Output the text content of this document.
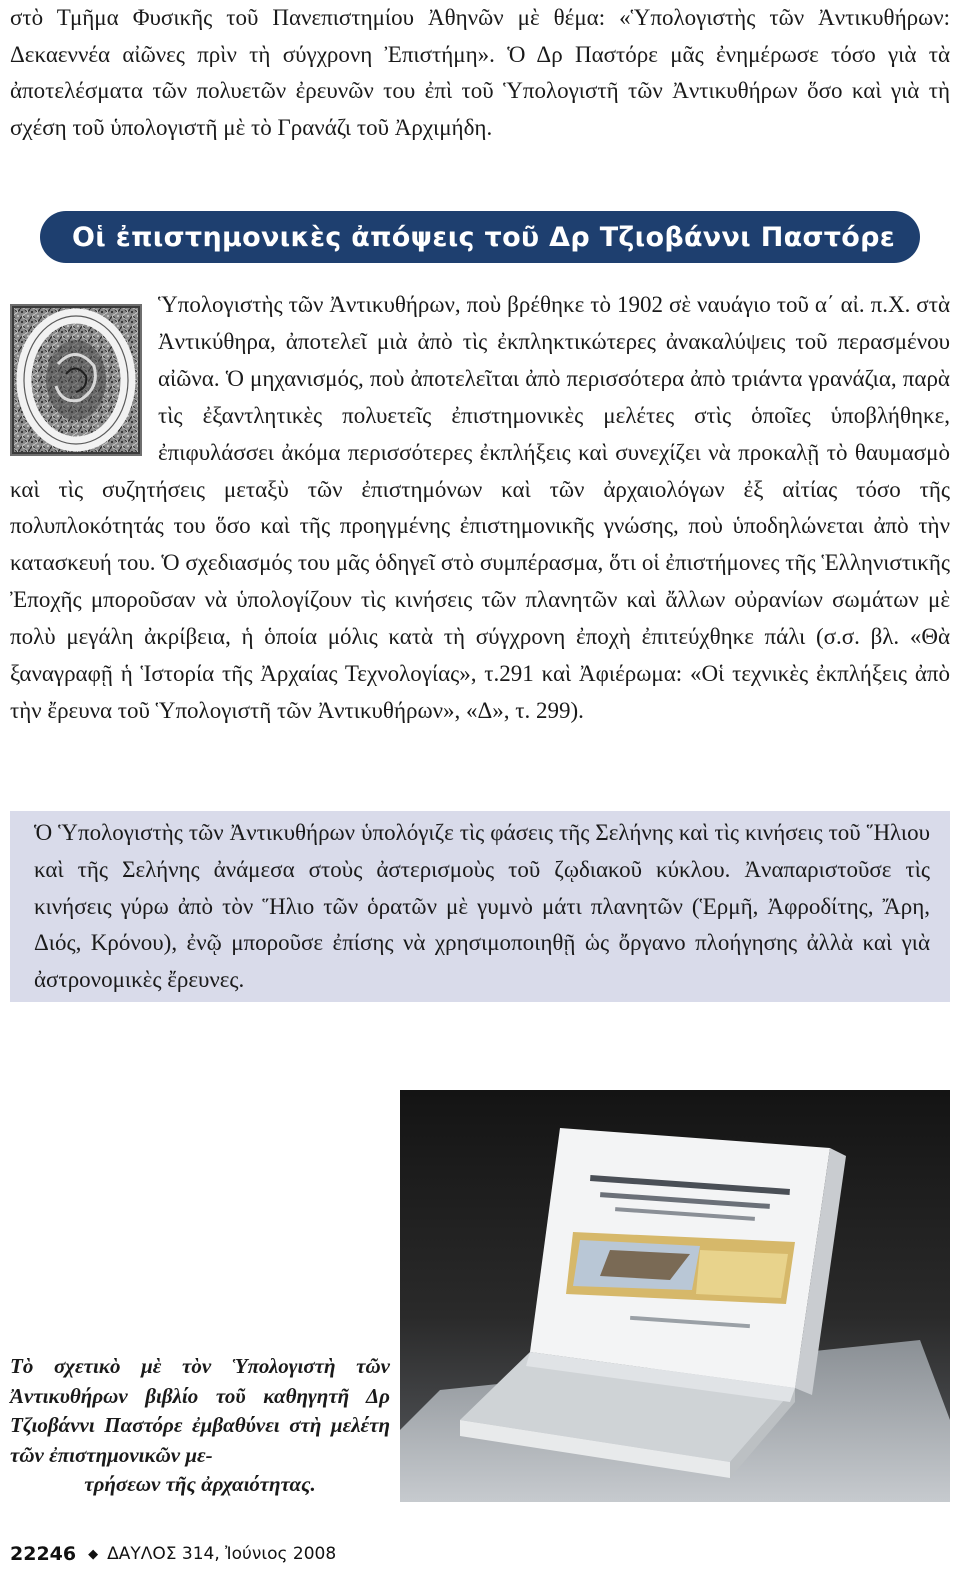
στὸ Τμῆμα Φυσικῆς τοῦ Πανεπιστημίου Ἀθηνῶν μὲ θέμα: «Ὑπολογιστὴς τῶν Ἀντικυθήρων: Δεκαεννέα αἰῶνες πρὶν τὴ σύγχρονη Ἐπιστήμη». Ὁ Δρ Παστόρε μᾶς ἐνημέρωσε τόσο γιὰ τὰ ἀποτελέσματα τῶν πολυετῶν ἐρευνῶν του ἐπὶ τοῦ Ὑπολογιστῆ τῶν Ἀντικυθήρων ὅσο καὶ γιὰ τὴ σχέση τοῦ ὑπολογιστῆ μὲ τὸ Γρανάζι τοῦ Ἀρχιμήδη.

Οἱ ἐπιστημονικὲς ἀπόψεις τοῦ Δρ Τζιοβάννι Παστόρε
Ὑπολογιστὴς τῶν Ἀντικυθήρων, ποὺ βρέθηκε τὸ 1902 σὲ ναυάγιο τοῦ α΄ αἰ. π.Χ. στὰ Ἀντικύθηρα, ἀποτελεῖ μιὰ ἀπὸ τὶς ἐκπληκτικώτερες ἀνακαλύψεις τοῦ περασμένου αἰῶνα. Ὁ μηχανισμός, ποὺ ἀποτελεῖται ἀπὸ περισσότερα ἀπὸ τριάντα γρανάζια, παρὰ τὶς ἐξαντλητικὲς πολυετεῖς ἐπιστημονικὲς μελέτες στὶς ὁποῖες ὑποβλήθηκε, ἐπιφυλάσσει ἀκόμα περισσότερες ἐκπλήξεις καὶ συνεχίζει νὰ προκαλῇ τὸ θαυμασμὸ καὶ τὶς συζητήσεις μεταξὺ τῶν ἐπιστημόνων καὶ τῶν ἀρχαιολόγων ἐξ αἰτίας τόσο τῆς πολυπλοκότητάς του ὅσο καὶ τῆς προηγμένης ἐπιστημονικῆς γνώσης, ποὺ ὑποδηλώνεται ἀπὸ τὴν κατασκευή του. Ὁ σχεδιασμός του μᾶς ὁδηγεῖ στὸ συμπέρασμα, ὅτι οἱ ἐπιστήμονες τῆς Ἑλληνιστικῆς Ἐποχῆς μποροῦσαν νὰ ὑπολογίζουν τὶς κινήσεις τῶν πλανητῶν καὶ ἄλλων οὐρανίων σωμάτων μὲ πολὺ μεγάλη ἀκρίβεια, ἡ ὁποία μόλις κατὰ τὴ σύγχρονη ἐποχὴ ἐπιτεύχθηκε πάλι (σ.σ. βλ. «Θὰ ξαναγραφῇ ἡ Ἱστορία τῆς Ἀρχαίας Τεχνολογίας», τ.291 καὶ Ἀφιέρωμα: «Οἱ τεχνικὲς ἐκπλήξεις ἀπὸ τὴν ἔρευνα τοῦ Ὑπολογιστῆ τῶν Ἀντικυθήρων», «Δ», τ. 299).

Ὁ Ὑπολογιστὴς τῶν Ἀντικυθήρων ὑπολόγιζε τὶς φάσεις τῆς Σελήνης καὶ τὶς κινήσεις τοῦ Ἥλιου καὶ τῆς Σελήνης ἀνάμεσα στοὺς ἀστερισμοὺς τοῦ ζῳδιακοῦ κύκλου. Ἀναπαριστοῦσε τὶς κινήσεις γύρω ἀπὸ τὸν Ἥλιο τῶν ὁρατῶν μὲ γυμνὸ μάτι πλανητῶν (Ἑρμῆ, Ἀφροδίτης, Ἄρη, Διός, Κρόνου), ἐνῷ μποροῦσε ἐπίσης νὰ χρησιμοποιηθῇ ὡς ὄργανο πλοήγησης ἀλλὰ καὶ γιὰ ἀστρονομικὲς ἔρευνες.

Τὸ σχετικὸ μὲ τὸν Ὑπολογιστὴ τῶν Ἀντικυθήρων βιβλίο τοῦ καθηγητῆ Δρ Τζιοβάννι Παστόρε ἐμβαθύνει στὴ μελέτη τῶν ἐπιστημονικῶν με-
τρήσεων τῆς ἀρχαιότητας.

22246 ◆ ΔΑΥΛΟΣ 314, Ἰούνιος 2008
